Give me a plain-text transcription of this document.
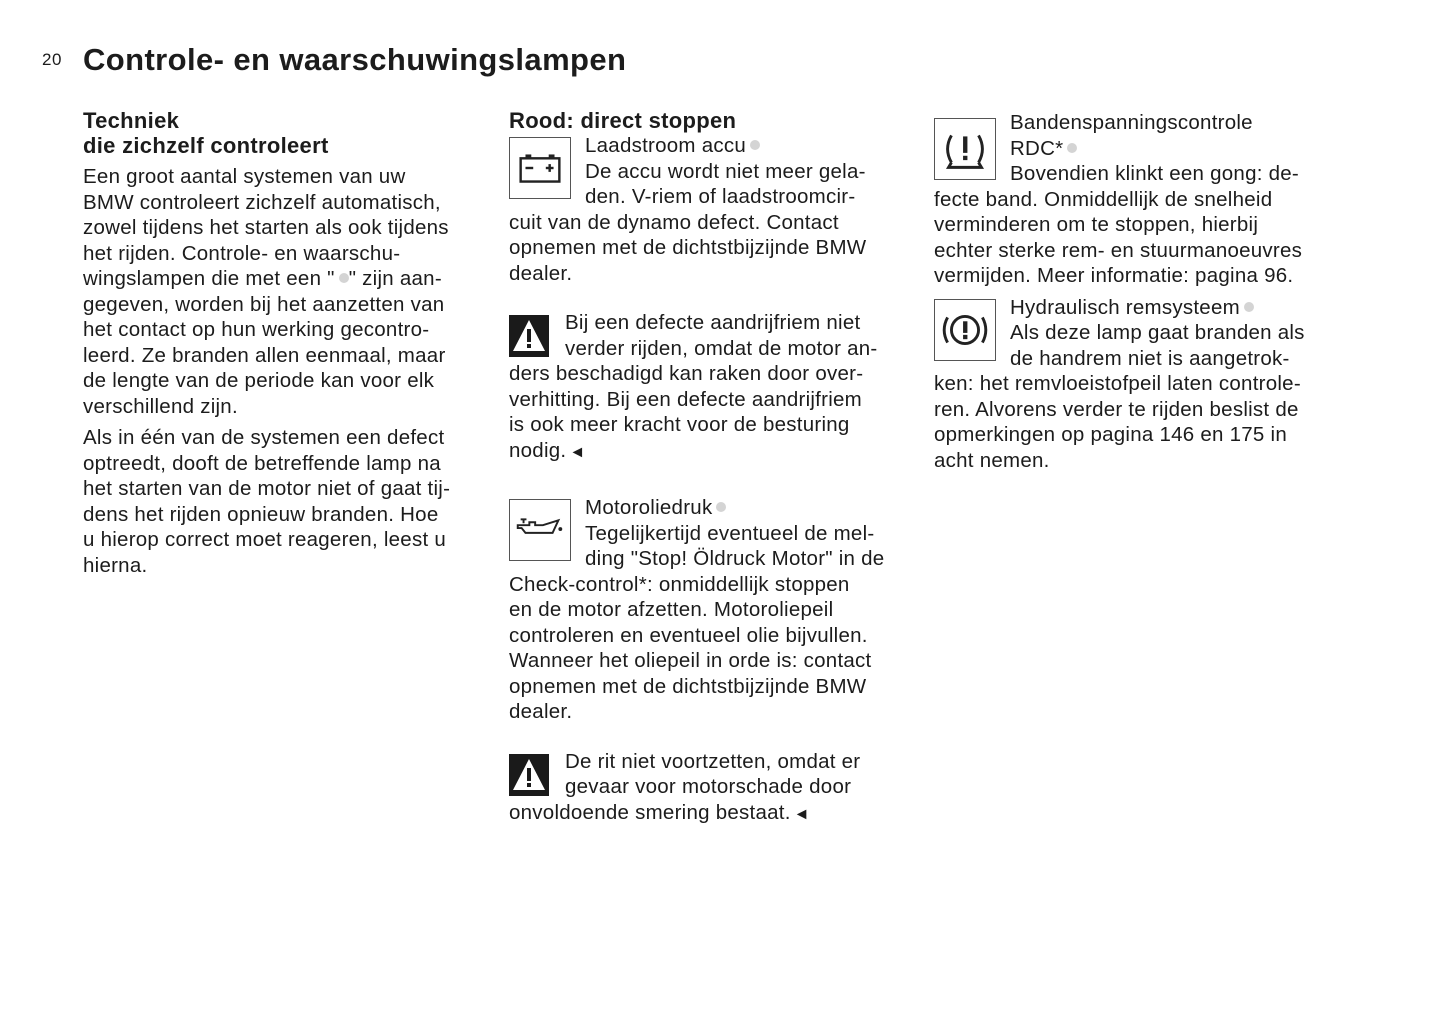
20 Controle- en waarschuwingslampen
Techniek
die zichzelf controleert
Een groot aantal systemen van uw
BMW controleert zichzelf automatisch,
zowel tijdens het starten als ook tijdens
het rijden. Controle- en waarschu-
wingslampen die met een " " zijn aan-
gegeven, worden bij het aanzetten van
het contact op hun werking gecontro-
leerd. Ze branden allen eenmaal, maar
de lengte van de periode kan voor elk
verschillend zijn.
Als in één van de systemen een defect
optreedt, dooft de betreffende lamp na
het starten van de motor niet of gaat tij-
dens het rijden opnieuw branden. Hoe
u hierop correct moet reageren, leest u
hierna.
Rood: direct stoppen
Laadstroom accu
De accu wordt niet meer gela-
den. V-riem of laadstroomcir-
cuit van de dynamo defect. Contact
opnemen met de dichtstbijzijnde BMW
dealer.
Bij een defecte aandrijfriem niet
verder rijden, omdat de motor an-
ders beschadigd kan raken door over-
verhitting. Bij een defecte aandrijfriem
is ook meer kracht voor de besturing
nodig. ◄
Motoroliedruk
Tegelijkertijd eventueel de mel-
ding "Stop! Öldruck Motor" in de
Check-control*: onmiddellijk stoppen
en de motor afzetten. Motoroliepeil
controleren en eventueel olie bijvullen.
Wanneer het oliepeil in orde is: contact
opnemen met de dichtstbijzijnde BMW
dealer.
De rit niet voortzetten, omdat er
gevaar voor motorschade door
onvoldoende smering bestaat. ◄
Bandenspanningscontrole
RDC*
Bovendien klinkt een gong: de-
fecte band. Onmiddellijk de snelheid
verminderen om te stoppen, hierbij
echter sterke rem- en stuurmanoeuvres
vermijden. Meer informatie: pagina 96.
Hydraulisch remsysteem
Als deze lamp gaat branden als
de handrem niet is aangetrok-
ken: het remvloeistofpeil laten controle-
ren. Alvorens verder te rijden beslist de
opmerkingen op pagina 146 en 175 in
acht nemen.
